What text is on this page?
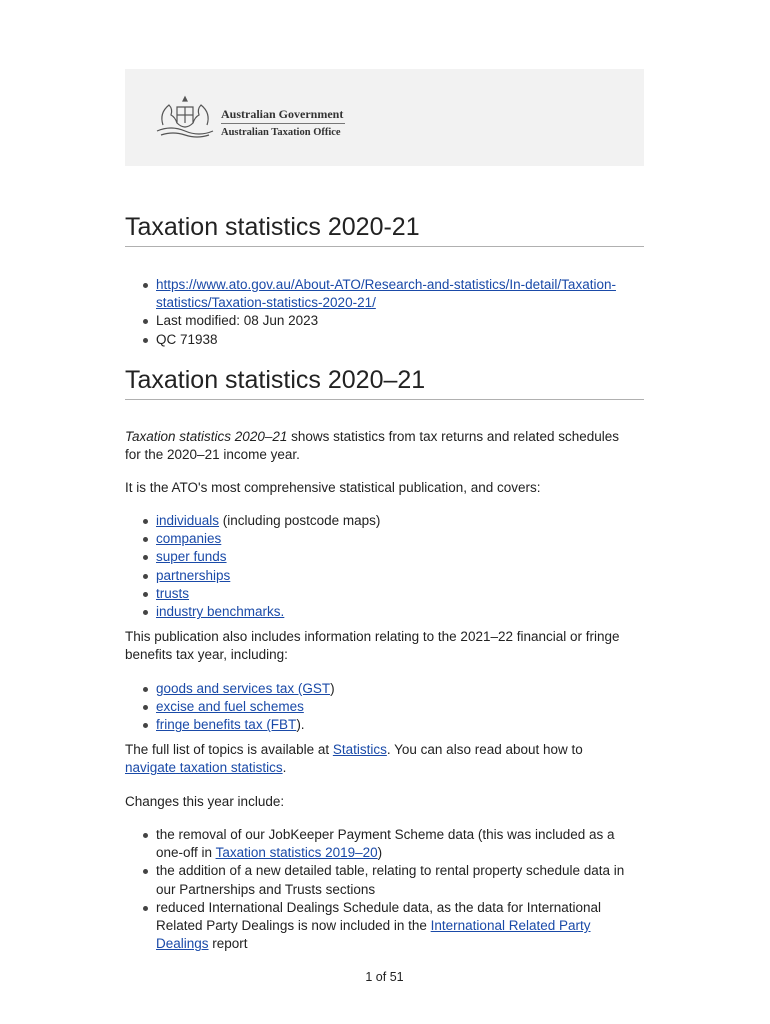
Australian Government
Australian Taxation Office
Taxation statistics 2020-21
https://www.ato.gov.au/About-ATO/Research-and-statistics/In-detail/Taxation-
statistics/Taxation-statistics-2020-21/
Last modified: 08 Jun 2023
QC 71938
Taxation statistics 2020–21

Taxation statistics 2020–21 shows statistics from tax returns and related schedules
for the 2020–21 income year.

It is the ATO's most comprehensive statistical publication, and covers:

individuals (including postcode maps)
companies
super funds
partnerships
trusts
industry benchmarks.

This publication also includes information relating to the 2021–22 financial or fringe
benefits tax year, including:

goods and services tax (GST)
excise and fuel schemes
fringe benefits tax (FBT).

The full list of topics is available at Statistics. You can also read about how to
navigate taxation statistics.

Changes this year include:

the removal of our JobKeeper Payment Scheme data (this was included as a
one-off in Taxation statistics 2019–20)
the addition of a new detailed table, relating to rental property schedule data in
our Partnerships and Trusts sections
reduced International Dealings Schedule data, as the data for International
Related Party Dealings is now included in the International Related Party
Dealings report
1 of 51
